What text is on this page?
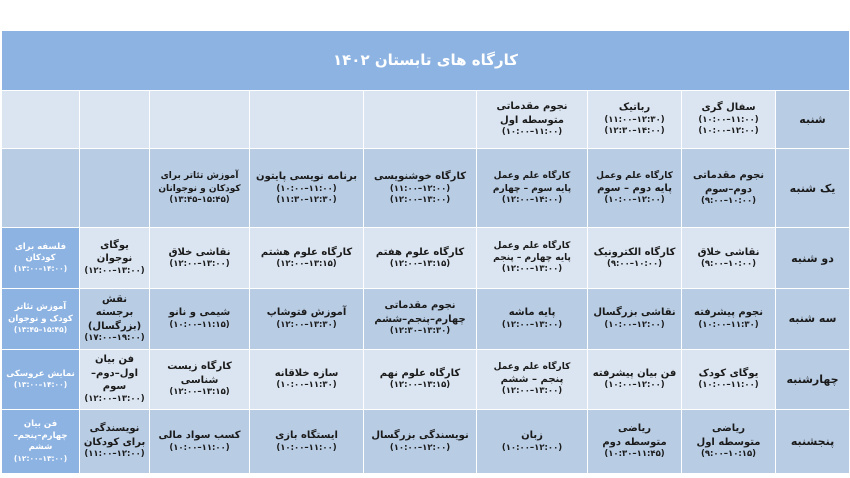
کارگاه های تابستان ۱۴۰۲								
شنبه	سفال گری
(۱۰:۰۰–۱۱:۰۰)
(۱۰:۰۰–۱۲:۰۰)	رباتیک
(۱۱:۰۰–۱۲:۳۰)
(۱۲:۳۰–۱۴:۰۰)	نجوم مقدماتی
متوسطه اول
(۱۰:۰۰–۱۱:۰۰)					

یک شنبه	نجوم مقدماتی
دوم–سوم
(۹:۰۰–۱۰:۰۰)	کارگاه علم وعمل
پایه دوم – سوم
(۱۰:۰۰–۱۲:۰۰)	کارگاه علم وعمل
پایه سوم – چهارم
(۱۲:۰۰–۱۴:۰۰)	کارگاه خوشنویسی
(۱۱:۰۰–۱۲:۰۰)
(۱۲:۰۰–۱۳:۰۰)	برنامه نویسی پایتون
(۱۰:۰۰–۱۱:۰۰)
(۱۱:۳۰–۱۲:۳۰)	آموزش تئاتر برای
کودکان و نوجوانان
(۱۳:۴۵–۱۵:۴۵)		

دو شنبه	نقاشی خلاق
(۹:۰۰–۱۰:۰۰)	کارگاه الکترونیک
(۹:۰۰–۱۰:۰۰)	کارگاه علم وعمل
پایه چهارم – پنجم
(۱۲:۰۰–۱۳:۰۰)	کارگاه علوم هفتم
(۱۲:۰۰–۱۳:۱۵)	کارگاه علوم هشتم
(۱۲:۰۰–۱۳:۱۵)	نقاشی خلاق
(۱۲:۰۰–۱۳:۰۰)	یوگای نوجوان
(۱۲:۰۰–۱۳:۰۰)	فلسفه برای کودکان
(۱۳:۰۰–۱۴:۰۰)

سه شنبه	نجوم پیشرفته
(۱۰:۰۰–۱۱:۳۰)	نقاشی بزرگسال
(۱۰:۰۰–۱۲:۰۰)	پایه ماشه
(۱۲:۰۰–۱۳:۰۰)	نجوم مقدماتی
چهارم–پنجم–ششم
(۱۲:۳۰–۱۳:۳۰)	آموزش فتوشاپ
(۱۲:۰۰–۱۳:۳۰)	شیمی و نانو
(۱۰:۰۰–۱۱:۱۵)	نقش برجسته
(بزرگسال)
(۱۷:۰۰–۱۹:۰۰)	آموزش تئاتر
کودک و نوجوان
(۱۳:۴۵–۱۵:۴۵)

چهارشنبه	یوگای کودک
(۱۰:۰۰–۱۱:۰۰)	فن بیان پیشرفته
(۱۰:۰۰–۱۲:۰۰)	کارگاه علم وعمل
پنجم – ششم
(۱۲:۰۰–۱۳:۰۰)	کارگاه علوم نهم
(۱۲:۰۰–۱۳:۱۵)	سازه خلاقانه
(۱۰:۰۰–۱۱:۳۰)	کارگاه زیست شناسی
(۱۲:۰۰–۱۳:۱۵)	فن بیان
اول–دوم–سوم
(۱۲:۰۰–۱۳:۰۰)	نمایش عروسکی
(۱۳:۰۰–۱۴:۰۰)

پنجشنبه	ریاضی
متوسطه اول
(۹:۰۰–۱۰:۱۵)	ریاضی
متوسطه دوم
(۱۰:۳۰–۱۱:۴۵)	زبان
(۱۰:۰۰–۱۲:۰۰)	نویسندگی بزرگسال
(۱۰:۰۰–۱۲:۰۰)	ایستگاه بازی
(۱۰:۰۰–۱۱:۰۰)	کسب سواد مالی
(۱۰:۰۰–۱۱:۰۰)	نویسندگی
برای کودکان
(۱۱:۰۰–۱۲:۰۰)	فن بیان
چهارم–پنجم–ششم
(۱۲:۰۰–۱۳:۰۰)
